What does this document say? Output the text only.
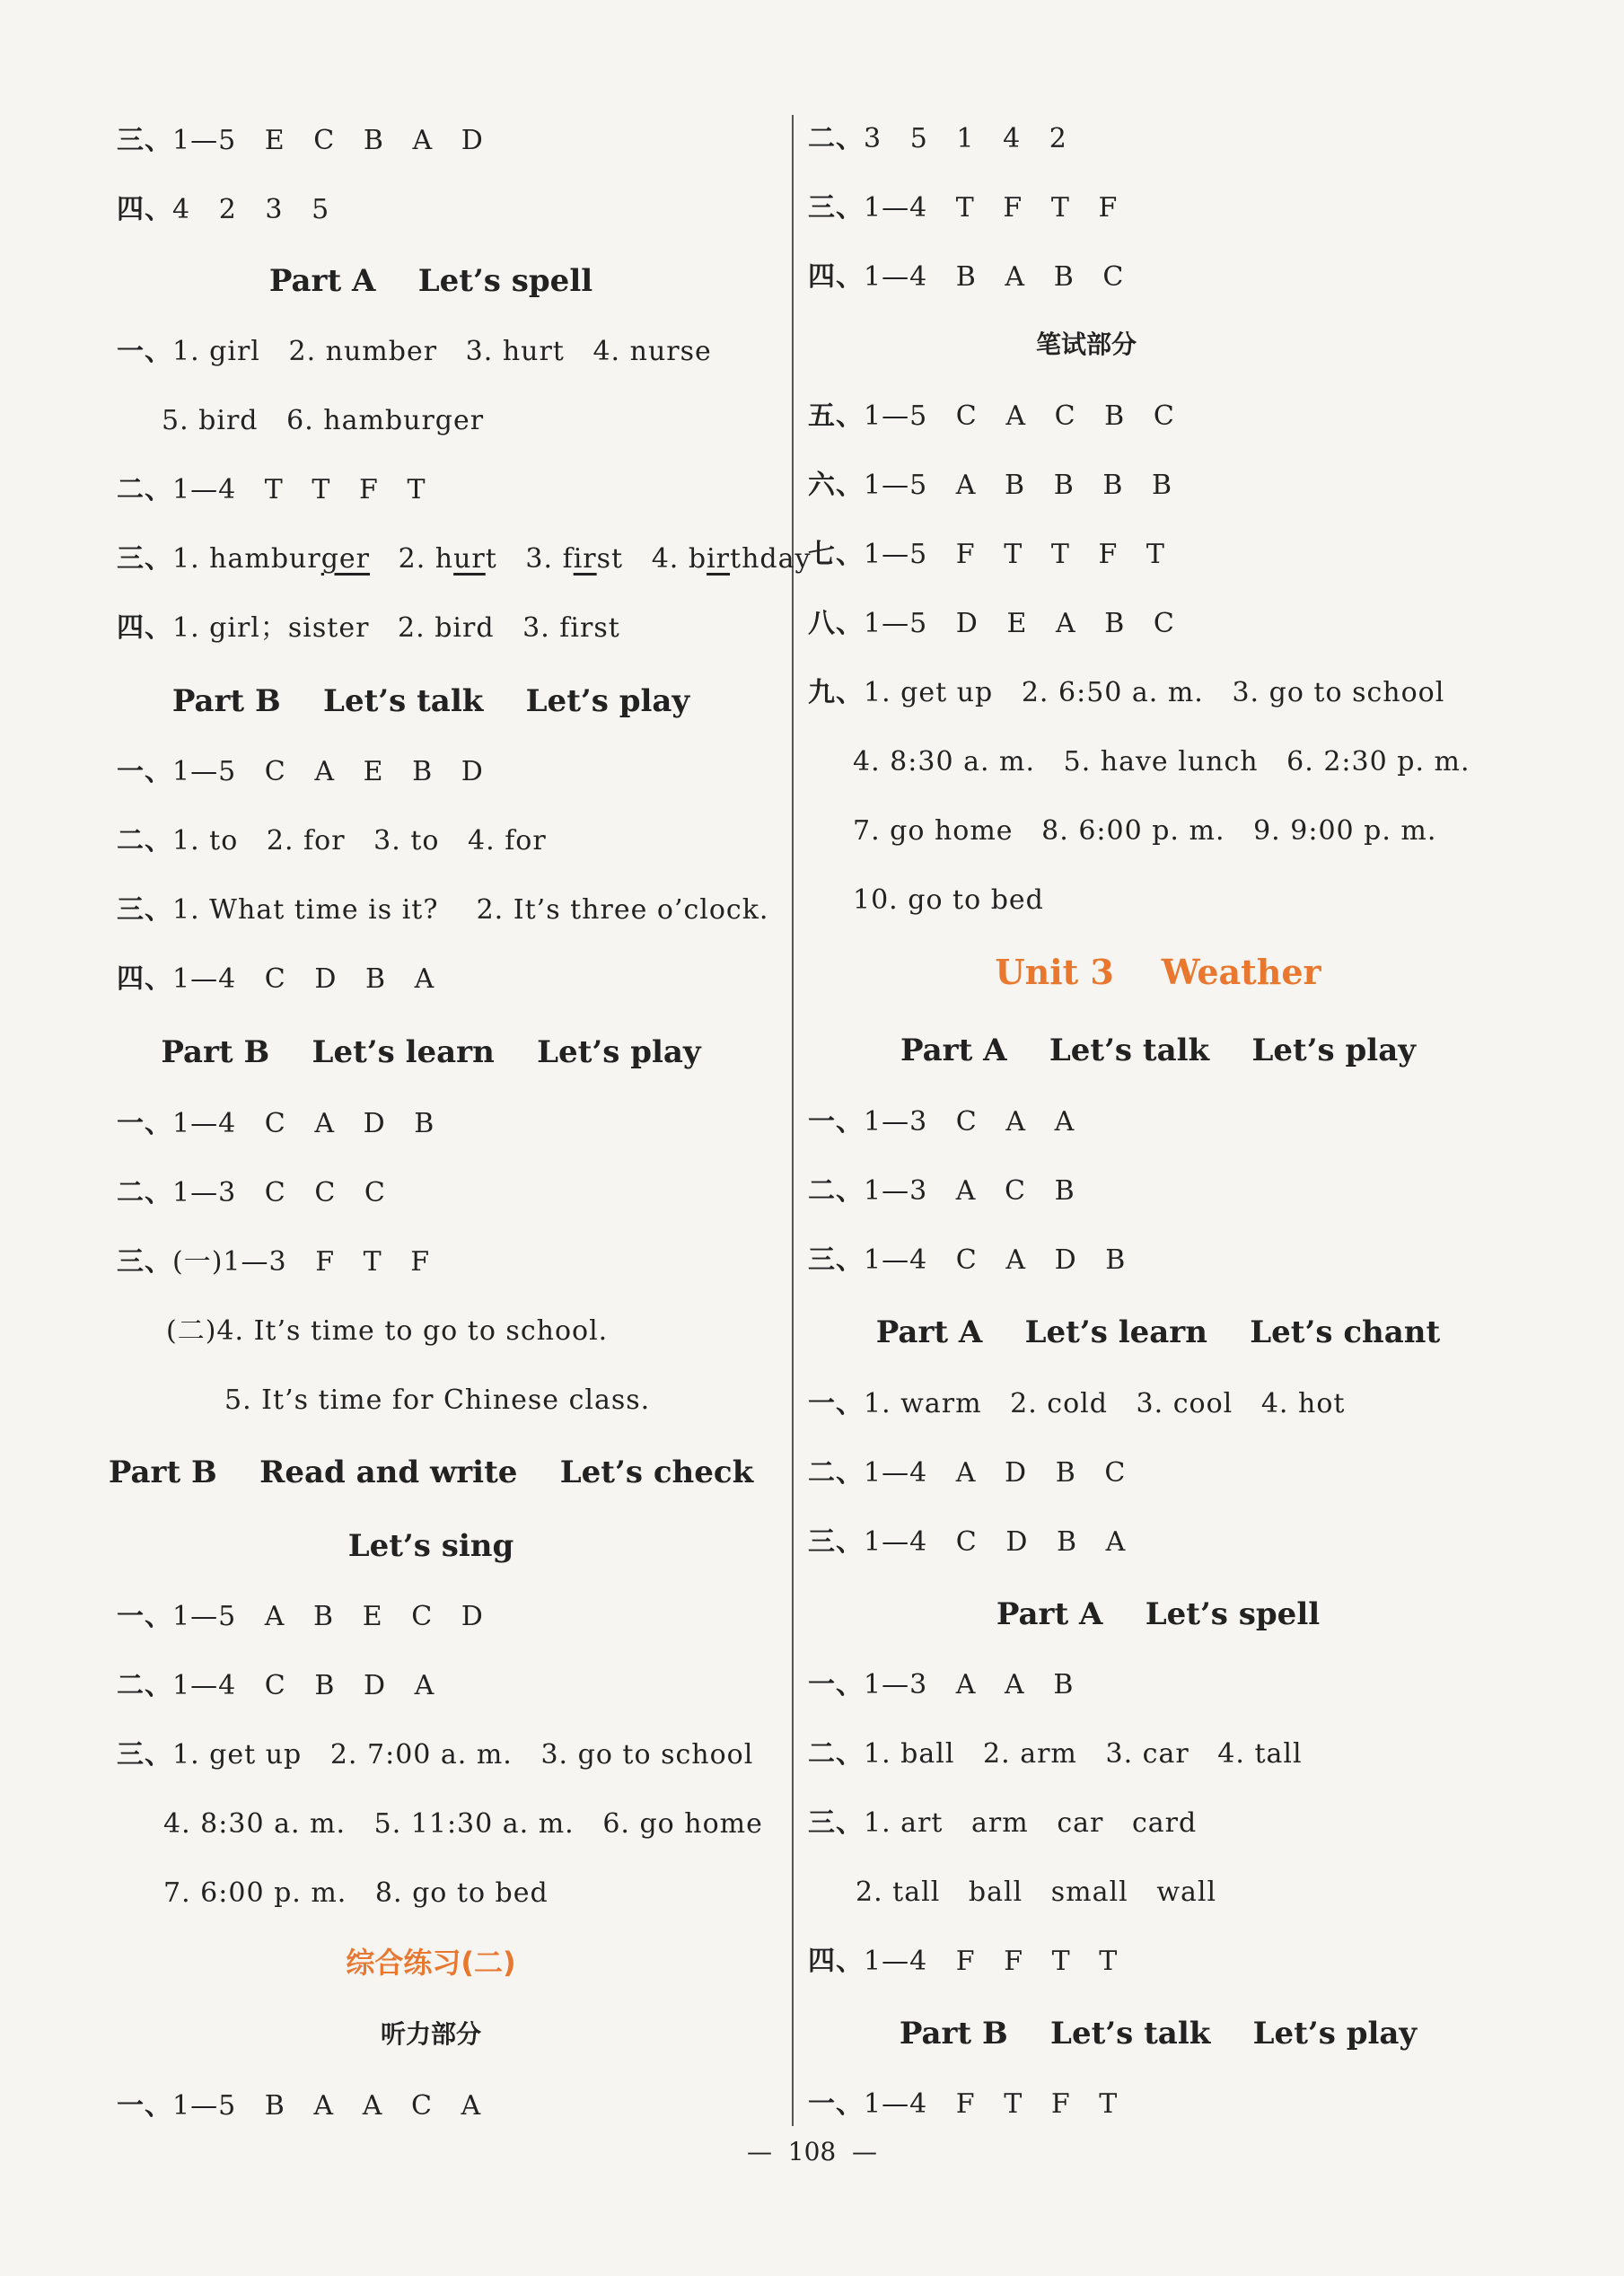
三、1—5   E   C   B   A   D
四、4   2   3   5
Part A    Let’s spell
一、1. girl   2. number   3. hurt   4. nurse
5. bird   6. hamburger
二、1—4   T   T   F   T
三、1. hamburger   2. hurt   3. first   4. birthday
四、1. girl；sister   2. bird   3. first
Part B    Let’s talk    Let’s play
一、1—5   C   A   E   B   D
二、1. to   2. for   3. to   4. for
三、1. What time is it?    2. It’s three o’clock.
四、1—4   C   D   B   A
Part B    Let’s learn    Let’s play
一、1—4   C   A   D   B
二、1—3   C   C   C
三、(一)1—3   F   T   F
(二)4. It’s time to go to school.
5. It’s time for Chinese class.
Part B    Read and write    Let’s check
Let’s sing
一、1—5   A   B   E   C   D
二、1—4   C   B   D   A
三、1. get up   2. 7:00 a. m.   3. go to school
4. 8:30 a. m.   5. 11:30 a. m.   6. go home
7. 6:00 p. m.   8. go to bed
综合练习(二)
听力部分
一、1—5   B   A   A   C   A
二、3   5   1   4   2
三、1—4   T   F   T   F
四、1—4   B   A   B   C
笔试部分
五、1—5   C   A   C   B   C
六、1—5   A   B   B   B   B
七、1—5   F   T   T   F   T
八、1—5   D   E   A   B   C
九、1. get up   2. 6:50 a. m.   3. go to school
4. 8:30 a. m.   5. have lunch   6. 2:30 p. m.
7. go home   8. 6:00 p. m.   9. 9:00 p. m.
10. go to bed
Unit 3    Weather
Part A    Let’s talk    Let’s play
一、1—3   C   A   A
二、1—3   A   C   B
三、1—4   C   A   D   B
Part A    Let’s learn    Let’s chant
一、1. warm   2. cold   3. cool   4. hot
二、1—4   A   D   B   C
三、1—4   C   D   B   A
Part A    Let’s spell
一、1—3   A   A   B
二、1. ball   2. arm   3. car   4. tall
三、1. art   arm   car   card
2. tall   ball   small   wall
四、1—4   F   F   T   T
Part B    Let’s talk    Let’s play
一、1—4   F   T   F   T
—  108  —
